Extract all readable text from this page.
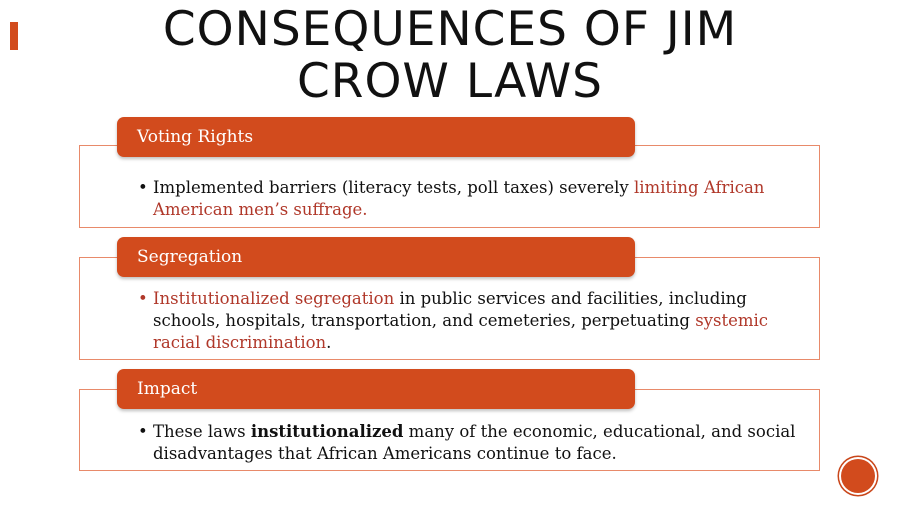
CONSEQUENCES OF JIM
CROW LAWS
Voting Rights
• Implemented barriers (literacy tests, poll taxes) severely limiting African American men’s suffrage.
Segregation
• Institutionalized segregation in public services and facilities, including schools, hospitals, transportation, and cemeteries, perpetuating systemic racial discrimination.
Impact
• These laws institutionalized many of the economic, educational, and social disadvantages that African Americans continue to face.
